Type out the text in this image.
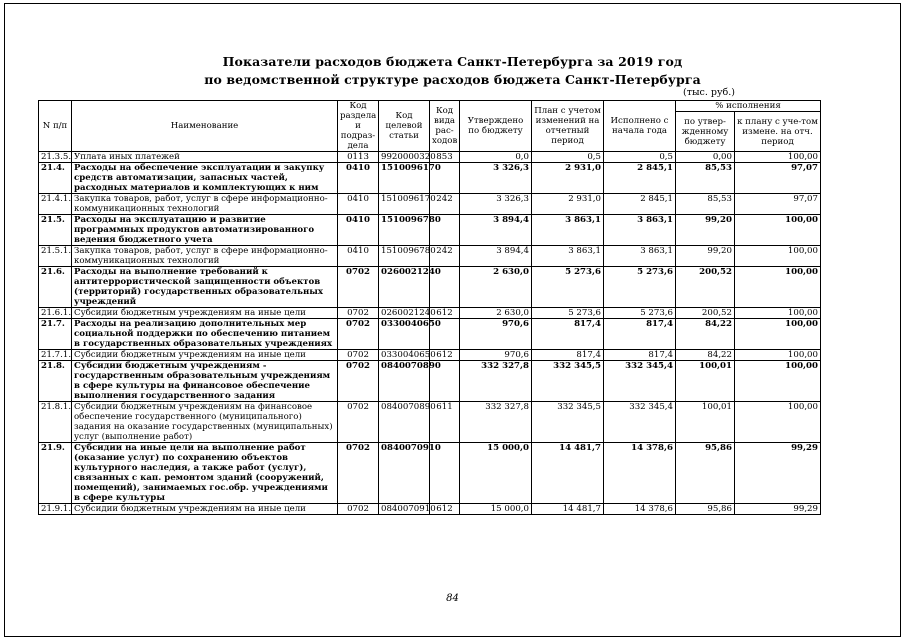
Показатели расходов бюджета Санкт-Петербурга за 2019 год
по ведомственной структуре расходов бюджета Санкт-Петербурга
(тыс. руб.)
N п/п	Наименование	Код раздела и подраз-дела	Код целевой статьи	Код вида рас-ходов	Утверждено по бюджету	План с учетом изменений на отчетный период	Исполнено с начала года	% исполнения	
								по утвер-жденному бюджету	к плану с уче-том измене. на отч. период
21.3.5.	Уплата иных платежей	0113	9920000320	853	0,0	0,5	0,5	0,00	100,00
21.4.	Расходы на обеспечение эксплуатации и закупку средств автоматизации, запасных частей, расходных материалов и комплектующих к ним	0410	1510096170		3 326,3	2 931,0	2 845,1	85,53	97,07
21.4.1.	Закупка товаров, работ, услуг в сфере информационно-коммуникационных технологий	0410	1510096170	242	3 326,3	2 931,0	2 845,1	85,53	97,07
21.5.	Расходы на эксплуатацию и развитие программных продуктов автоматизированного ведения бюджетного учета	0410	1510096780		3 894,4	3 863,1	3 863,1	99,20	100,00
21.5.1.	Закупка товаров, работ, услуг в сфере информационно-коммуникационных технологий	0410	1510096780	242	3 894,4	3 863,1	3 863,1	99,20	100,00
21.6.	Расходы на выполнение требований к антитеррористической защищенности объектов (территорий) государственных образовательных учреждений	0702	0260021240		2 630,0	5 273,6	5 273,6	200,52	100,00
21.6.1.	Субсидии бюджетным учреждениям на иные цели	0702	0260021240	612	2 630,0	5 273,6	5 273,6	200,52	100,00
21.7.	Расходы на реализацию дополнительных мер социальной поддержки по обеспечению питанием в государственных образовательных учреждениях	0702	0330040650		970,6	817,4	817,4	84,22	100,00
21.7.1.	Субсидии бюджетным учреждениям на иные цели	0702	0330040650	612	970,6	817,4	817,4	84,22	100,00
21.8.	Субсидии бюджетным учреждениям - государственным образовательным учреждениям в сфере культуры на финансовое обеспечение выполнения государственного задания	0702	0840070890		332 327,8	332 345,5	332 345,4	100,01	100,00
21.8.1.	Субсидии бюджетным учреждениям на финансовое обеспечение государственного (муниципального) задания на оказание государственных (муниципальных) услуг (выполнение работ)	0702	0840070890	611	332 327,8	332 345,5	332 345,4	100,01	100,00
21.9.	Субсидии на иные цели на выполнение работ (оказание услуг) по сохранению объектов культурного наследия, а также работ (услуг), связанных с кап. ремонтом зданий (сооружений, помещений), занимаемых гос.обр. учреждениями в сфере культуры	0702	0840070910		15 000,0	14 481,7	14 378,6	95,86	99,29
21.9.1.	Субсидии бюджетным учреждениям на иные цели	0702	0840070910	612	15 000,0	14 481,7	14 378,6	95,86	99,29
84
